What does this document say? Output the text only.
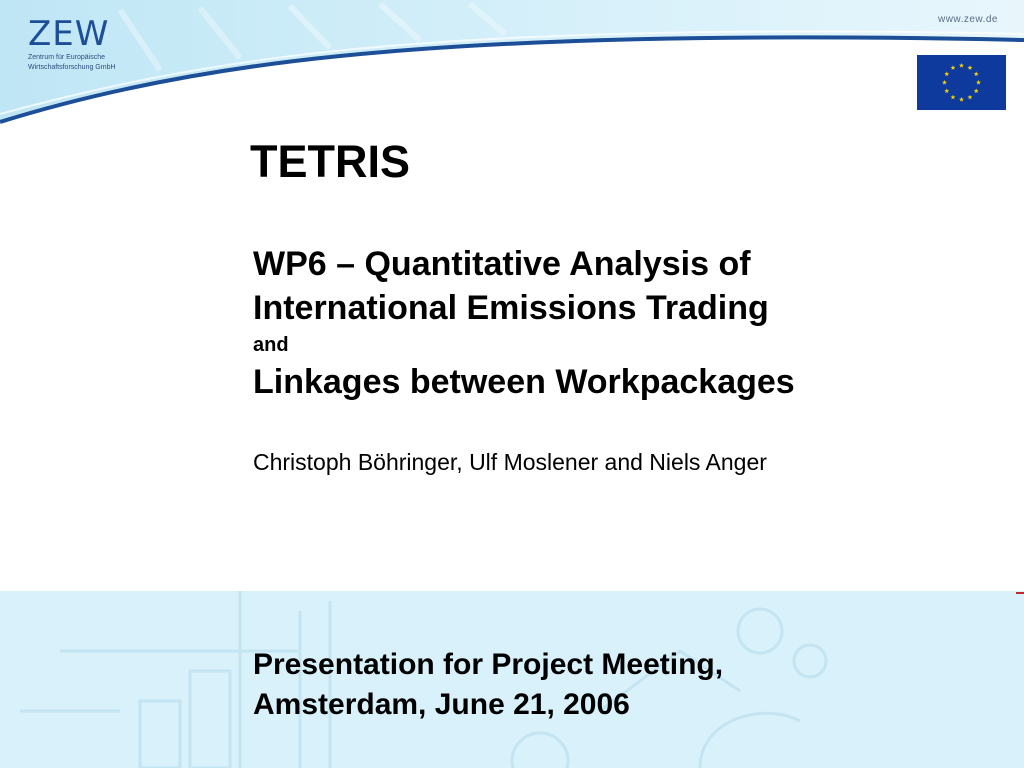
ZEW
Zentrum für Europäische
Wirtschaftsforschung GmbH
www.zew.de
TETRIS
WP6 – Quantitative Analysis of
International Emissions Trading
and
Linkages between Workpackages
Christoph Böhringer, Ulf Moslener and Niels Anger
Presentation for Project Meeting,
Amsterdam, June 21, 2006
